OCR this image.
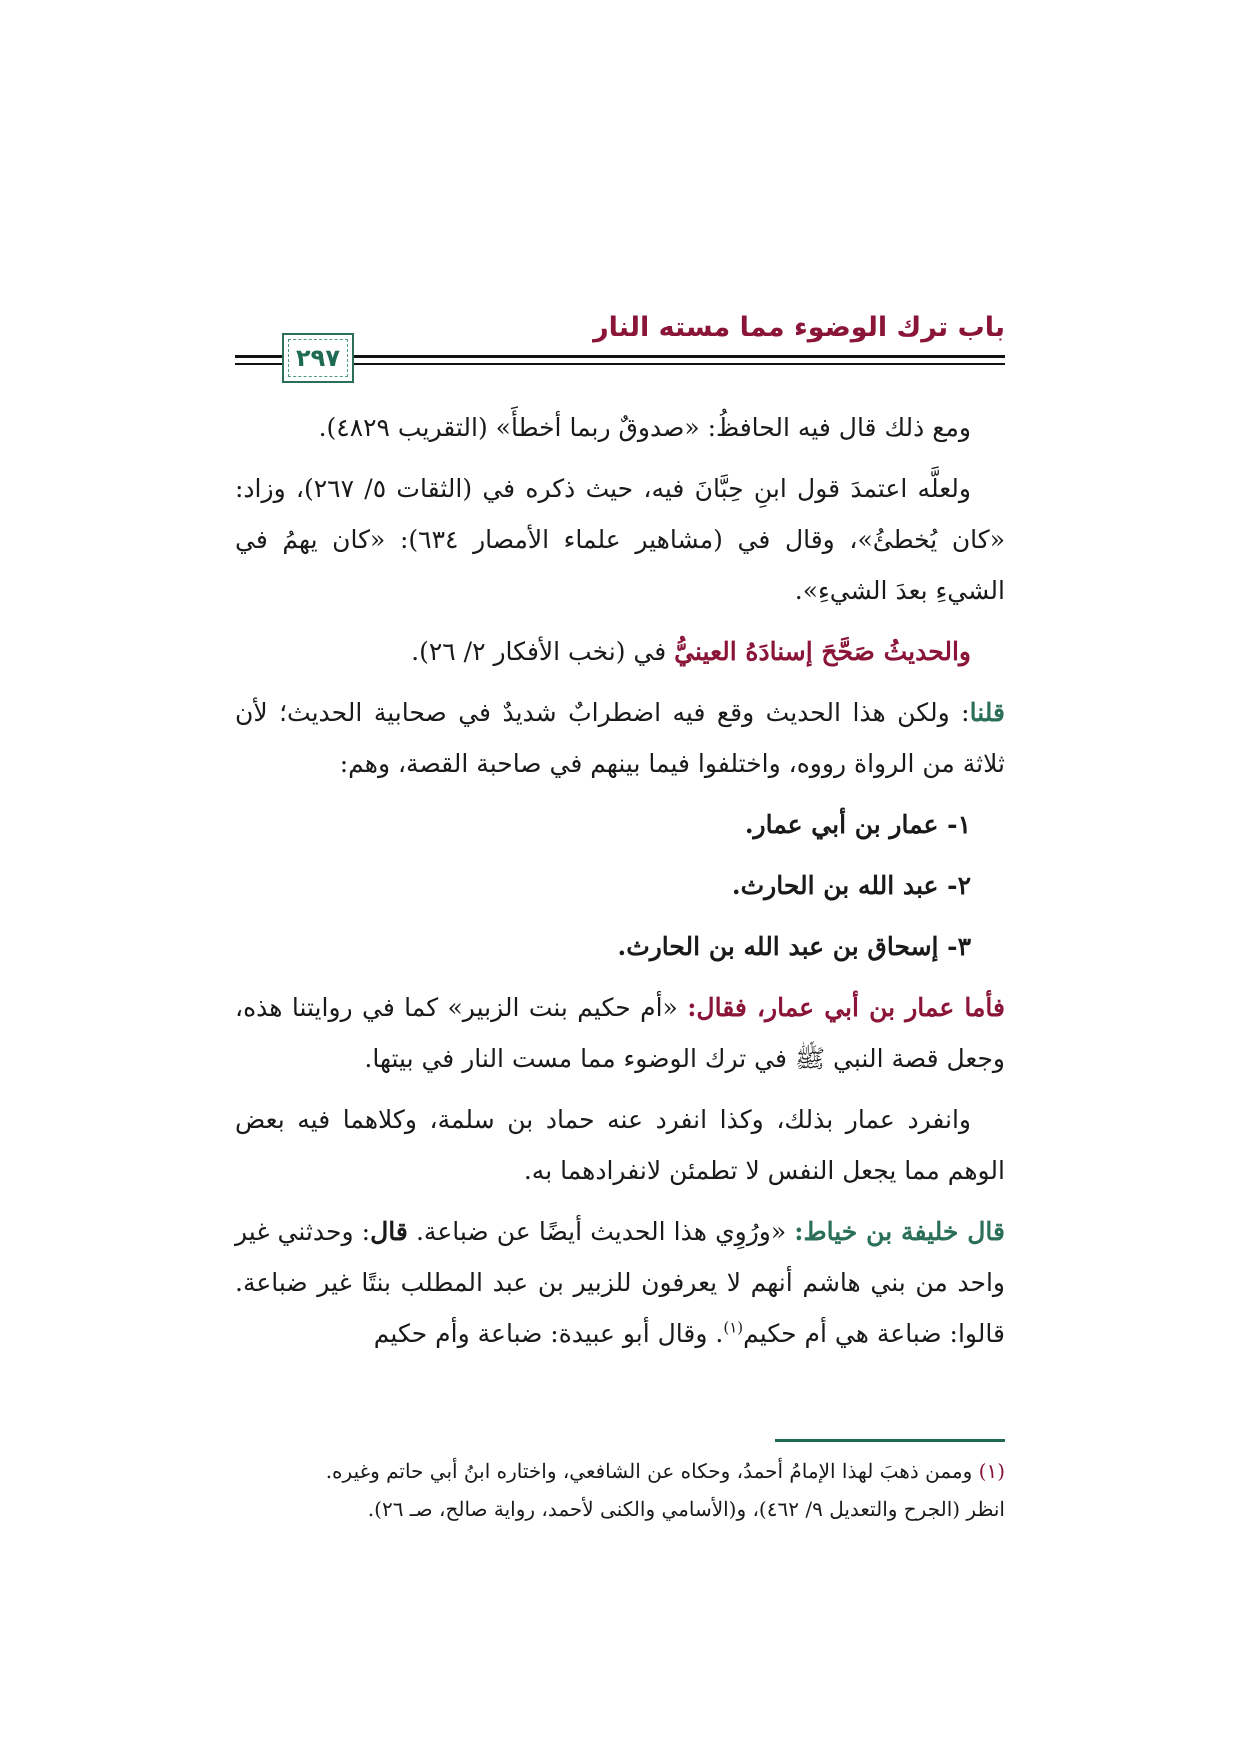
باب ترك الوضوء مما مسته النار
٢٩٧

ومع ذلك قال فيه الحافظُ: «صدوقٌ ربما أخطأَ» (التقريب ٤٨٢٩).

ولعلَّه اعتمدَ قول ابنِ حِبَّانَ فيه، حيث ذكره في (الثقات ٥/ ٢٦٧)، وزاد: «كان يُخطئُ»، وقال في (مشاهير علماء الأمصار ٦٣٤): «كان يهمُ في الشيءِ بعدَ الشيءِ».

والحديثُ صَحَّحَ إسنادَهُ العينيُّ في (نخب الأفكار ٢/ ٢٦).

قلنا: ولكن هذا الحديث وقع فيه اضطرابٌ شديدٌ في صحابية الحديث؛ لأن ثلاثة من الرواة رووه، واختلفوا فيما بينهم في صاحبة القصة، وهم:

١- عمار بن أبي عمار.

٢- عبد الله بن الحارث.

٣- إسحاق بن عبد الله بن الحارث.

فأما عمار بن أبي عمار، فقال: «أم حكيم بنت الزبير» كما في روايتنا هذه، وجعل قصة النبي ﷺ في ترك الوضوء مما مست النار في بيتها.

وانفرد عمار بذلك، وكذا انفرد عنه حماد بن سلمة، وكلاهما فيه بعض الوهم مما يجعل النفس لا تطمئن لانفرادهما به.

قال خليفة بن خياط: «ورُوِي هذا الحديث أيضًا عن ضباعة. قال: وحدثني غير واحد من بني هاشم أنهم لا يعرفون للزبير بن عبد المطلب بنتًا غير ضباعة. قالوا: ضباعة هي أم حكيم$^{(١)}$. وقال أبو عبيدة: ضباعة وأم حكيم

(١) وممن ذهبَ لهذا الإمامُ أحمدُ، وحكاه عن الشافعي، واختاره ابنُ أبي حاتم وغيره.

انظر (الجرح والتعديل ٩/ ٤٦٢)، و(الأسامي والكنى لأحمد، رواية صالح، صـ ٢٦).
